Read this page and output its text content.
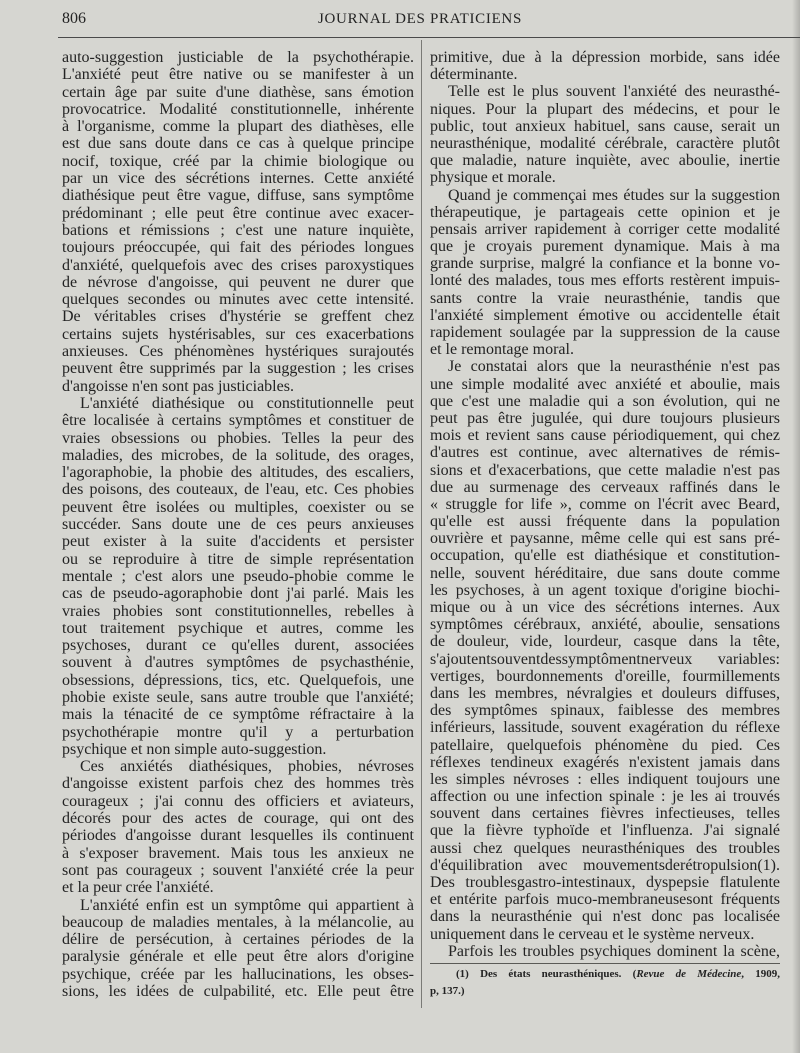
806	JOURNAL DES PRATICIENS
auto-suggestion justiciable de la psychothérapie.
L'anxiété peut être native ou se manifester à un
certain âge par suite d'une diathèse, sans émotion
provocatrice. Modalité constitutionnelle, inhérente
à l'organisme, comme la plupart des diathèses, elle
est due sans doute dans ce cas à quelque principe
nocif, toxique, créé par la chimie biologique ou
par un vice des sécrétions internes. Cette anxiété
diathésique peut être vague, diffuse, sans symptôme
prédominant ; elle peut être continue avec exacer-
bations et rémissions ; c'est une nature inquiète,
toujours préoccupée, qui fait des périodes longues
d'anxiété, quelquefois avec des crises paroxystiques
de névrose d'angoisse, qui peuvent ne durer que
quelques secondes ou minutes avec cette intensité.
De véritables crises d'hystérie se greffent chez
certains sujets hystérisables, sur ces exacerbations
anxieuses. Ces phénomènes hystériques surajoutés
peuvent être supprimés par la suggestion ; les crises
d'angoisse n'en sont pas justiciables.
L'anxiété diathésique ou constitutionnelle peut
être localisée à certains symptômes et constituer de
vraies obsessions ou phobies. Telles la peur des
maladies, des microbes, de la solitude, des orages,
l'agoraphobie, la phobie des altitudes, des escaliers,
des poisons, des couteaux, de l'eau, etc. Ces phobies
peuvent être isolées ou multiples, coexister ou se
succéder. Sans doute une de ces peurs anxieuses
peut exister à la suite d'accidents et persister
ou se reproduire à titre de simple représentation
mentale ; c'est alors une pseudo-phobie comme le
cas de pseudo-agoraphobie dont j'ai parlé. Mais les
vraies phobies sont constitutionnelles, rebelles à
tout traitement psychique et autres, comme les
psychoses, durant ce qu'elles durent, associées
souvent à d'autres symptômes de psychasthénie,
obsessions, dépressions, tics, etc. Quelquefois, une
phobie existe seule, sans autre trouble que l'anxiété;
mais la ténacité de ce symptôme réfractaire à la
psychothérapie montre qu'il y a perturbation
psychique et non simple auto-suggestion.
Ces anxiétés diathésiques, phobies, névroses
d'angoisse existent parfois chez des hommes très
courageux ; j'ai connu des officiers et aviateurs,
décorés pour des actes de courage, qui ont des
périodes d'angoisse durant lesquelles ils continuent
à s'exposer bravement. Mais tous les anxieux ne
sont pas courageux ; souvent l'anxiété crée la peur
et la peur crée l'anxiété.
L'anxiété enfin est un symptôme qui appartient à
beaucoup de maladies mentales, à la mélancolie, au
délire de persécution, à certaines périodes de la
paralysie générale et elle peut être alors d'origine
psychique, créée par les hallucinations, les obses-
sions, les idées de culpabilité, etc. Elle peut être
primitive, due à la dépression morbide, sans idée
déterminante.
Telle est le plus souvent l'anxiété des neurasthé-
niques. Pour la plupart des médecins, et pour le
public, tout anxieux habituel, sans cause, serait un
neurasthénique, modalité cérébrale, caractère plutôt
que maladie, nature inquiète, avec aboulie, inertie
physique et morale.
Quand je commençai mes études sur la suggestion
thérapeutique, je partageais cette opinion et je
pensais arriver rapidement à corriger cette modalité
que je croyais purement dynamique. Mais à ma
grande surprise, malgré la confiance et la bonne vo-
lonté des malades, tous mes efforts restèrent impuis-
sants contre la vraie neurasthénie, tandis que
l'anxiété simplement émotive ou accidentelle était
rapidement soulagée par la suppression de la cause
et le remontage moral.
Je constatai alors que la neurasthénie n'est pas
une simple modalité avec anxiété et aboulie, mais
que c'est une maladie qui a son évolution, qui ne
peut pas être jugulée, qui dure toujours plusieurs
mois et revient sans cause périodiquement, qui chez
d'autres est continue, avec alternatives de rémis-
sions et d'exacerbations, que cette maladie n'est pas
due au surmenage des cerveaux raffinés dans le
« struggle for life », comme on l'écrit avec Beard,
qu'elle est aussi fréquente dans la population
ouvrière et paysanne, même celle qui est sans pré-
occupation, qu'elle est diathésique et constitution-
nelle, souvent héréditaire, due sans doute comme
les psychoses, à un agent toxique d'origine biochi-
mique ou à un vice des sécrétions internes. Aux
symptômes cérébraux, anxiété, aboulie, sensations
de douleur, vide, lourdeur, casque dans la tête,
s'ajoutentsouventdessymptômentnerveux variables:
vertiges, bourdonnements d'oreille, fourmillements
dans les membres, névralgies et douleurs diffuses,
des symptômes spinaux, faiblesse des membres
inférieurs, lassitude, souvent exagération du réflexe
patellaire, quelquefois phénomène du pied. Ces
réflexes tendineux exagérés n'existent jamais dans
les simples névroses : elles indiquent toujours une
affection ou une infection spinale : je les ai trouvés
souvent dans certaines fièvres infectieuses, telles
que la fièvre typhoïde et l'influenza. J'ai signalé
aussi chez quelques neurasthéniques des troubles
d'équilibration avec mouvementsderétropulsion(1).
Des troublesgastro-intestinaux, dyspepsie flatulente
et entérite parfois muco-membraneusesont fréquents
dans la neurasthénie qui n'est donc pas localisée
uniquement dans le cerveau et le système nerveux.
Parfois les troubles psychiques dominent la scène,
(1) Des états neurasthéniques. (Revue de Médecine, 1909,
p, 137.)
